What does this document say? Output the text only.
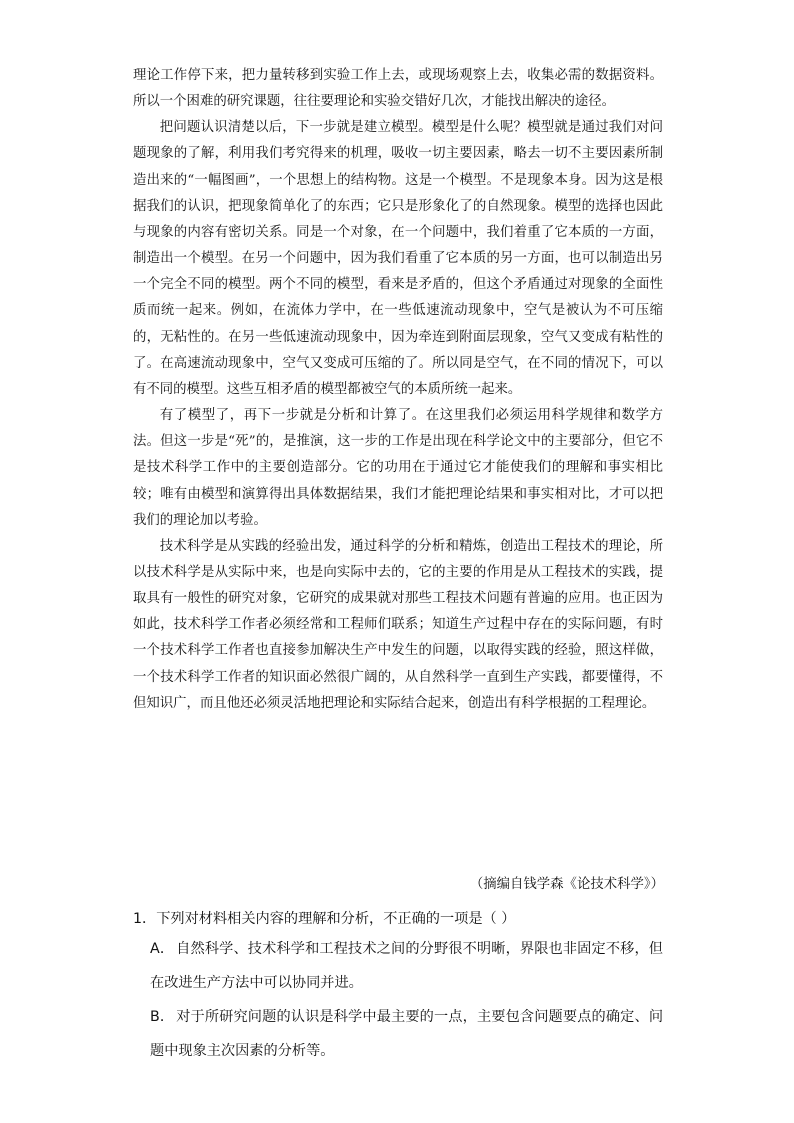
理论工作停下来，把力量转移到实验工作上去，或现场观察上去，收集必需的数据资料。所以一个困难的研究课题，往往要理论和实验交错好几次，才能找出解决的途径。

把问题认识清楚以后，下一步就是建立模型。模型是什么呢？模型就是通过我们对问题现象的了解，利用我们考究得来的机理，吸收一切主要因素，略去一切不主要因素所制造出来的“一幅图画”，一个思想上的结构物。这是一个模型。不是现象本身。因为这是根据我们的认识，把现象简单化了的东西；它只是形象化了的自然现象。模型的选择也因此与现象的内容有密切关系。同是一个对象，在一个问题中，我们着重了它本质的一方面，制造出一个模型。在另一个问题中，因为我们看重了它本质的另一方面，也可以制造出另一个完全不同的模型。两个不同的模型，看来是矛盾的，但这个矛盾通过对现象的全面性质而统一起来。例如，在流体力学中，在一些低速流动现象中，空气是被认为不可压缩的，无粘性的。在另一些低速流动现象中，因为牵连到附面层现象，空气又变成有粘性的了。在高速流动现象中，空气又变成可压缩的了。所以同是空气，在不同的情况下，可以有不同的模型。这些互相矛盾的模型都被空气的本质所统一起来。

有了模型了，再下一步就是分析和计算了。在这里我们必须运用科学规律和数学方法。但这一步是“死”的，是推演，这一步的工作是出现在科学论文中的主要部分，但它不是技术科学工作中的主要创造部分。它的功用在于通过它才能使我们的理解和事实相比较；唯有由模型和演算得出具体数据结果，我们才能把理论结果和事实相对比，才可以把我们的理论加以考验。

技术科学是从实践的经验出发，通过科学的分析和精炼，创造出工程技术的理论，所以技术科学是从实际中来，也是向实际中去的，它的主要的作用是从工程技术的实践，提取具有一般性的研究对象，它研究的成果就对那些工程技术问题有普遍的应用。也正因为如此，技术科学工作者必须经常和工程师们联系；知道生产过程中存在的实际问题，有时一个技术科学工作者也直接参加解决生产中发生的问题，以取得实践的经验，照这样做，一个技术科学工作者的知识面必然很广阔的，从自然科学一直到生产实践，都要懂得，不但知识广，而且他还必须灵活地把理论和实际结合起来，创造出有科学根据的工程理论。

（摘编自钱学森《论技术科学》）

1．下列对材料相关内容的理解和分析，不正确的一项是（ ）

A． 自然科学、技术科学和工程技术之间的分野很不明晰，界限也非固定不移，但在改进生产方法中可以协同并进。

B． 对于所研究问题的认识是科学中最主要的一点，主要包含问题要点的确定、问题中现象主次因素的分析等。
